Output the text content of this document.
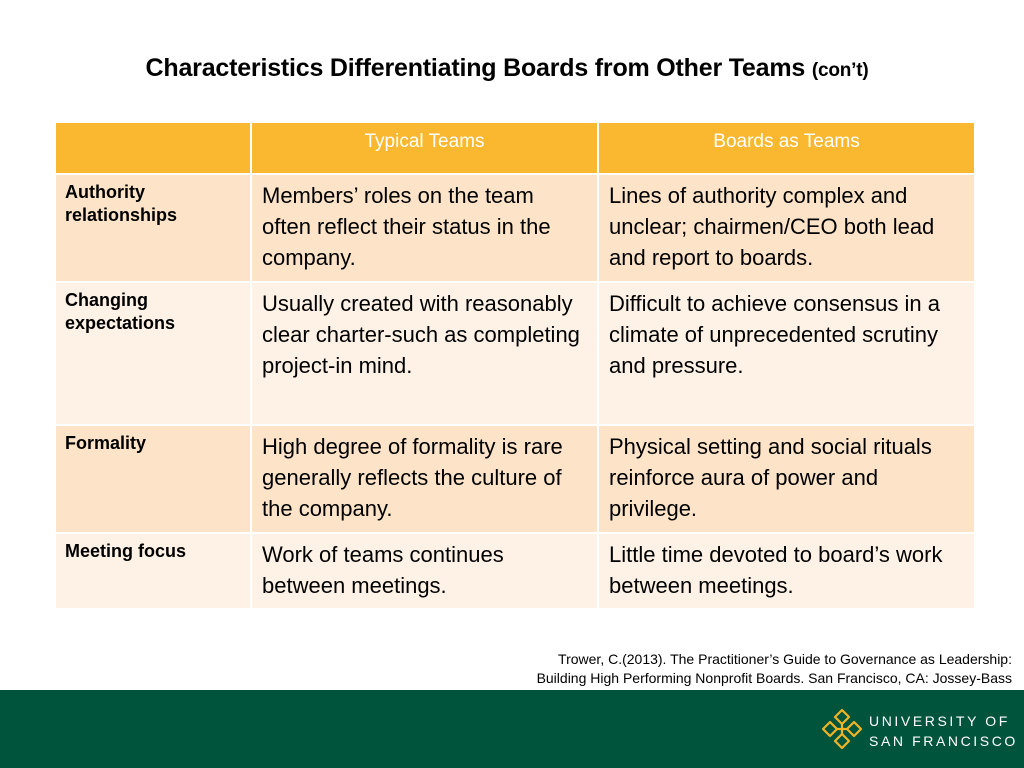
Characteristics Differentiating Boards from Other Teams (con’t)
	Typical Teams	Boards as Teams
Authority relationships	Members’ roles on the team often reflect their status in the company.	Lines of authority complex and unclear; chairmen/CEO both lead and report to boards.
Changing expectations	Usually created with reasonably clear charter-such as completing project-in mind.	Difficult to achieve consensus in a climate of unprecedented scrutiny and pressure.
Formality	High degree of formality is rare generally reflects the culture of the company.	Physical setting and social rituals reinforce aura of power and privilege.
Meeting focus	Work of teams continues between meetings.	Little time devoted to board’s work between meetings.
Trower, C.(2013). The Practitioner’s Guide to Governance as Leadership:
Building High Performing Nonprofit Boards. San Francisco, CA: Jossey-Bass
UNIVERSITY OF
SAN FRANCISCO
